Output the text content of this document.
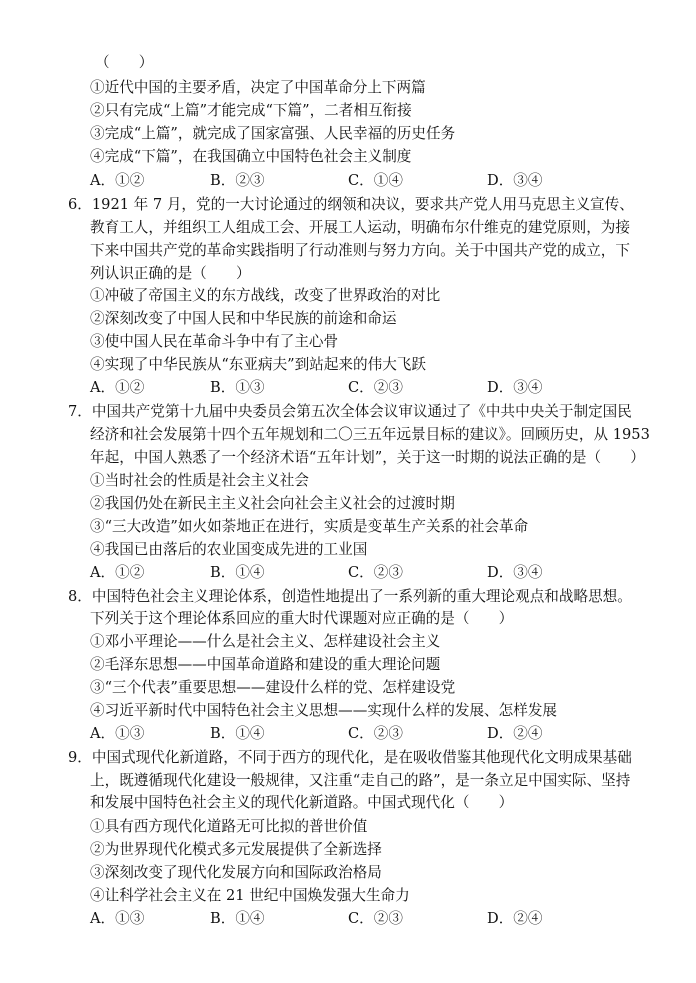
（　　）
①近代中国的主要矛盾，决定了中国革命分上下两篇
②只有完成“上篇”才能完成“下篇”，二者相互衔接
③完成“上篇”，就完成了国家富强、人民幸福的历史任务
④完成“下篇”，在我国确立中国特色社会主义制度
A．①②	B．②③	C．①④	D．③④
6．1921 年 7 月，党的一大讨论通过的纲领和决议，要求共产党人用马克思主义宣传、
教育工人，并组织工人组成工会、开展工人运动，明确布尔什维克的建党原则，为接
下来中国共产党的革命实践指明了行动准则与努力方向。关于中国共产党的成立，下
列认识正确的是（　　）
①冲破了帝国主义的东方战线，改变了世界政治的对比
②深刻改变了中国人民和中华民族的前途和命运
③使中国人民在革命斗争中有了主心骨
④实现了中华民族从“东亚病夫”到站起来的伟大飞跃
A．①②	B．①③	C．②③	D．③④
7．中国共产党第十九届中央委员会第五次全体会议审议通过了《中共中央关于制定国民
经济和社会发展第十四个五年规划和二〇三五年远景目标的建议》。回顾历史，从 1953
年起，中国人熟悉了一个经济术语“五年计划”，关于这一时期的说法正确的是（　　）
①当时社会的性质是社会主义社会
②我国仍处在新民主主义社会向社会主义社会的过渡时期
③“三大改造”如火如荼地正在进行，实质是变革生产关系的社会革命
④我国已由落后的农业国变成先进的工业国
A．①②	B．①④	C．②③	D．③④
8．中国特色社会主义理论体系，创造性地提出了一系列新的重大理论观点和战略思想。
下列关于这个理论体系回应的重大时代课题对应正确的是（　　）
①邓小平理论——什么是社会主义、怎样建设社会主义
②毛泽东思想——中国革命道路和建设的重大理论问题
③“三个代表”重要思想——建设什么样的党、怎样建设党
④习近平新时代中国特色社会主义思想——实现什么样的发展、怎样发展
A．①③	B．①④	C．②③	D．②④
9．中国式现代化新道路，不同于西方的现代化，是在吸收借鉴其他现代化文明成果基础
上，既遵循现代化建设一般规律，又注重“走自己的路”，是一条立足中国实际、坚持
和发展中国特色社会主义的现代化新道路。中国式现代化（　　）
①具有西方现代化道路无可比拟的普世价值
②为世界现代化模式多元发展提供了全新选择
③深刻改变了现代化发展方向和国际政治格局
④让科学社会主义在 21 世纪中国焕发强大生命力
A．①③	B．①④	C．②③	D．②④
